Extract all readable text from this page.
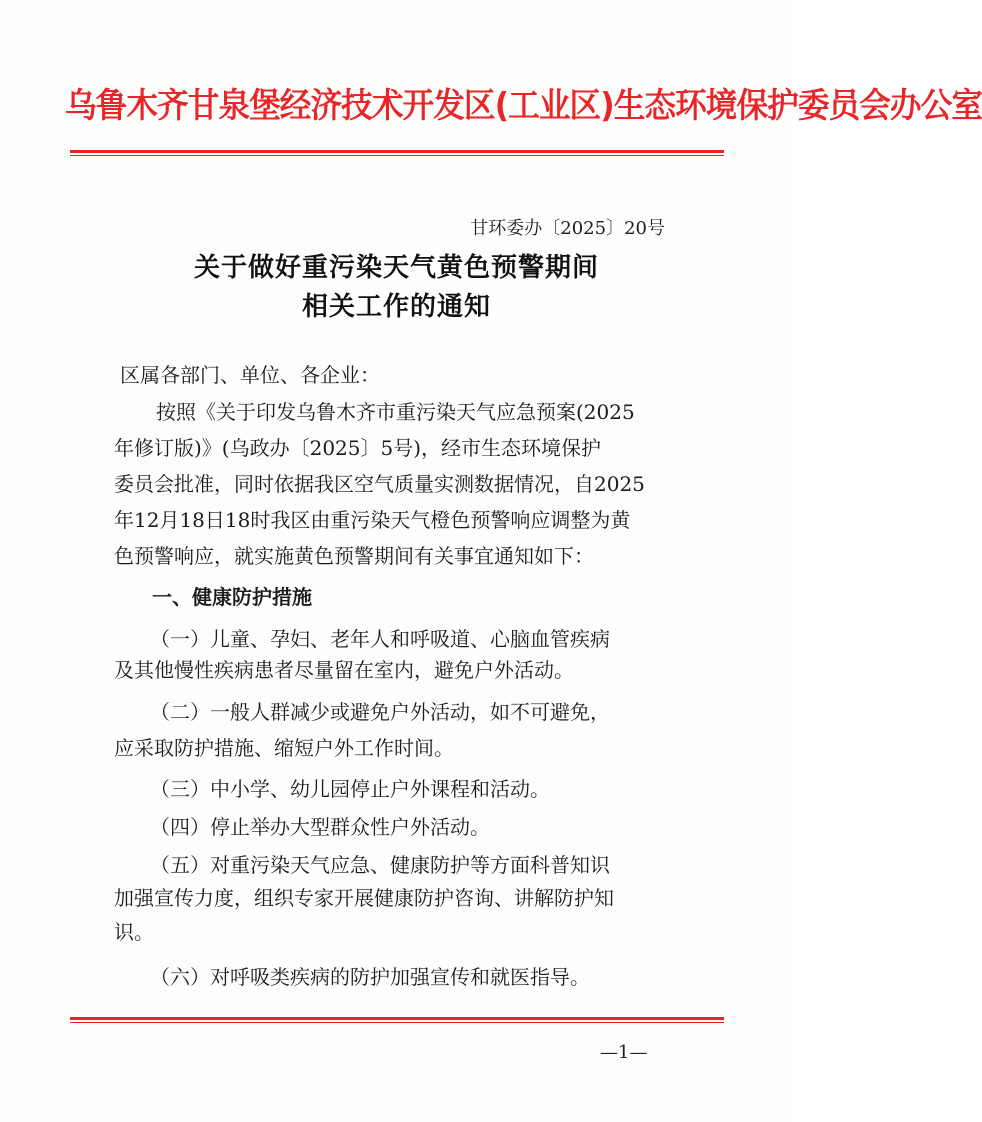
乌鲁木齐甘泉堡经济技术开发区(工业区)生态环境保护委员会办公室
甘环委办〔2025〕20号
关于做好重污染天气黄色预警期间
相关工作的通知
区属各部门、单位、各企业：
按照《关于印发乌鲁木齐市重污染天气应急预案(2025
年修订版)》(乌政办〔2025〕5号)，经市生态环境保护
委员会批准，同时依据我区空气质量实测数据情况，自2025
年12月18日18时我区由重污染天气橙色预警响应调整为黄
色预警响应，就实施黄色预警期间有关事宜通知如下：
一、健康防护措施
（一）儿童、孕妇、老年人和呼吸道、心脑血管疾病
及其他慢性疾病患者尽量留在室内，避免户外活动。
（二）一般人群减少或避免户外活动，如不可避免，
应采取防护措施、缩短户外工作时间。
（三）中小学、幼儿园停止户外课程和活动。
（四）停止举办大型群众性户外活动。
（五）对重污染天气应急、健康防护等方面科普知识
加强宣传力度，组织专家开展健康防护咨询、讲解防护知
识。
（六）对呼吸类疾病的防护加强宣传和就医指导。
—1—
